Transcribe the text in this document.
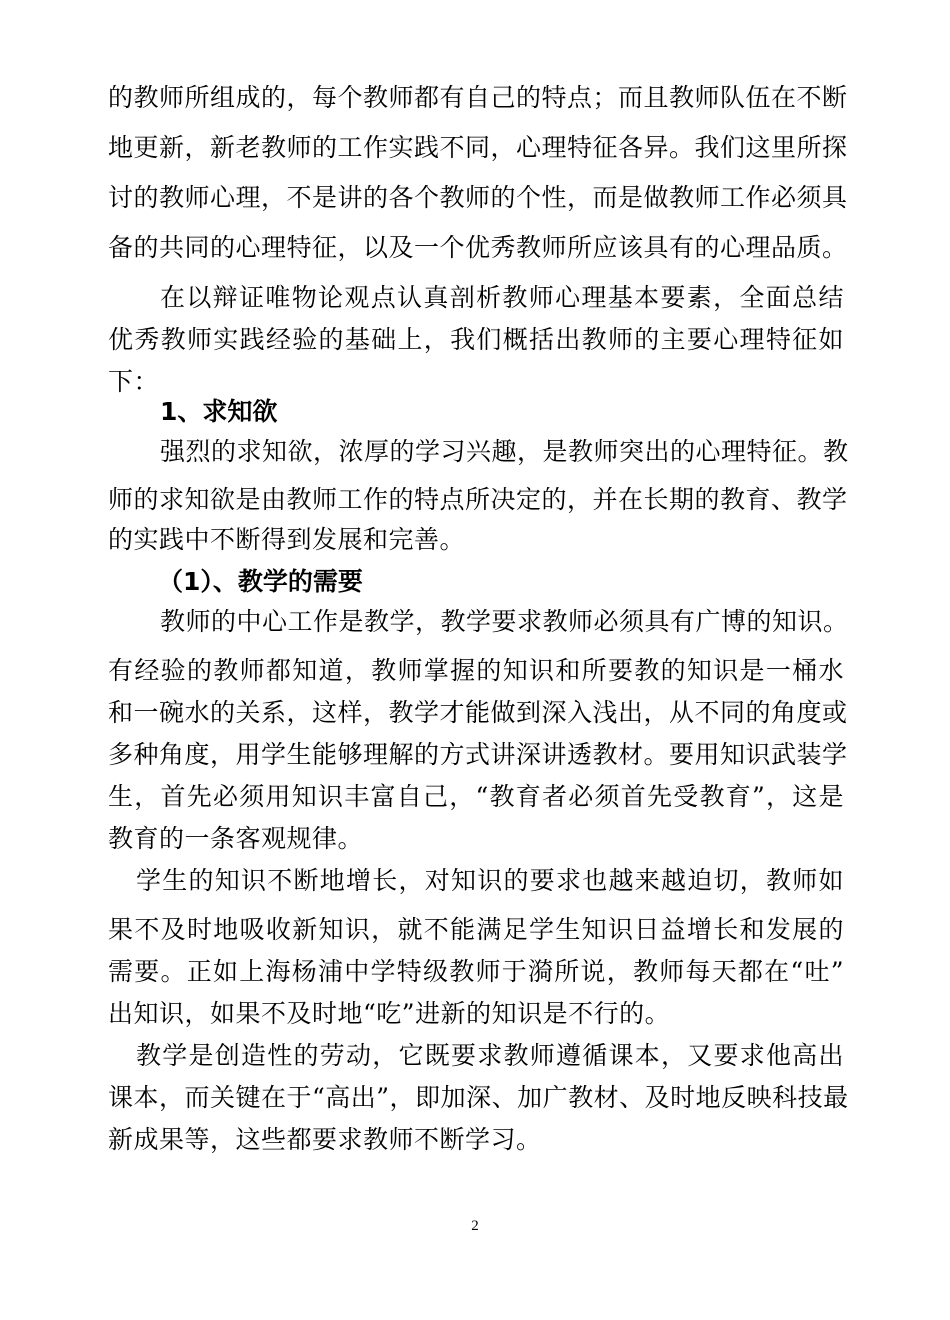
的教师所组成的，每个教师都有自己的特点；而且教师队伍在不断
地更新，新老教师的工作实践不同，心理特征各异。我们这里所探
讨的教师心理，不是讲的各个教师的个性，而是做教师工作必须具
备的共同的心理特征，以及一个优秀教师所应该具有的心理品质。
在以辩证唯物论观点认真剖析教师心理基本要素，全面总结
优秀教师实践经验的基础上，我们概括出教师的主要心理特征如
下：
1、求知欲
强烈的求知欲，浓厚的学习兴趣，是教师突出的心理特征。教
师的求知欲是由教师工作的特点所决定的，并在长期的教育、教学
的实践中不断得到发展和完善。
（1）、教学的需要
教师的中心工作是教学，教学要求教师必须具有广博的知识。
有经验的教师都知道，教师掌握的知识和所要教的知识是一桶水
和一碗水的关系，这样，教学才能做到深入浅出，从不同的角度或
多种角度，用学生能够理解的方式讲深讲透教材。要用知识武装学
生，首先必须用知识丰富自己，“教育者必须首先受教育”，这是
教育的一条客观规律。
学生的知识不断地增长，对知识的要求也越来越迫切，教师如
果不及时地吸收新知识，就不能满足学生知识日益增长和发展的
需要。正如上海杨浦中学特级教师于漪所说，教师每天都在“吐”
出知识，如果不及时地“吃”进新的知识是不行的。
教学是创造性的劳动，它既要求教师遵循课本，又要求他高出
课本，而关键在于“高出”，即加深、加广教材、及时地反映科技最
新成果等，这些都要求教师不断学习。
2
